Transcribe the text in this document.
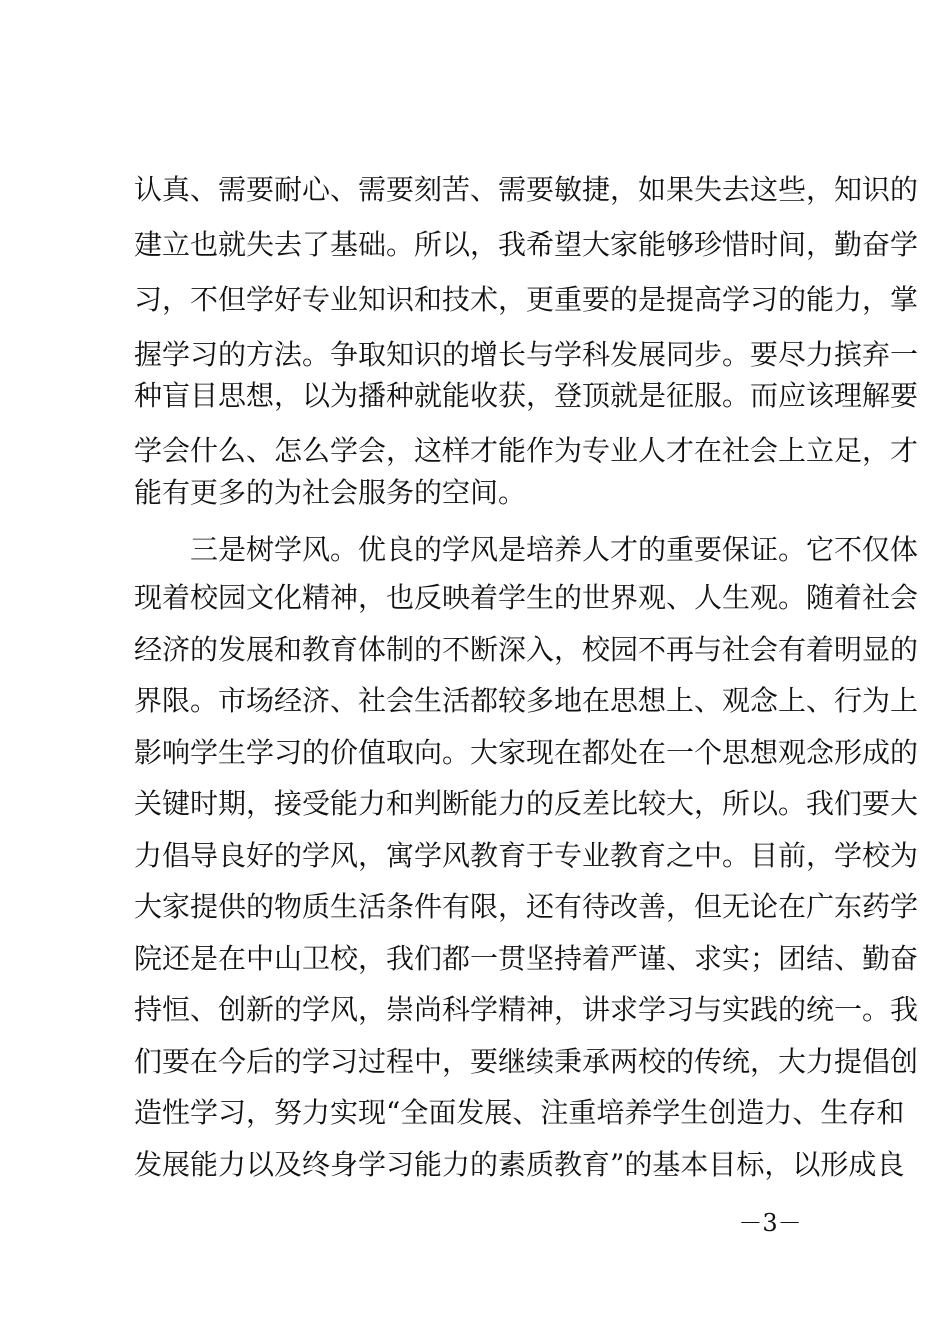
认真、需要耐心、需要刻苦、需要敏捷，如果失去这些，知识的
建立也就失去了基础。所以，我希望大家能够珍惜时间，勤奋学
习，不但学好专业知识和技术，更重要的是提高学习的能力，掌
握学习的方法。争取知识的增长与学科发展同步。要尽力摈弃一
种盲目思想，以为播种就能收获，登顶就是征服。而应该理解要
学会什么、怎么学会，这样才能作为专业人才在社会上立足，才
能有更多的为社会服务的空间。
三是树学风。优良的学风是培养人才的重要保证。它不仅体
现着校园文化精神，也反映着学生的世界观、人生观。随着社会
经济的发展和教育体制的不断深入，校园不再与社会有着明显的
界限。市场经济、社会生活都较多地在思想上、观念上、行为上
影响学生学习的价值取向。大家现在都处在一个思想观念形成的
关键时期，接受能力和判断能力的反差比较大，所以。我们要大
力倡导良好的学风，寓学风教育于专业教育之中。目前，学校为
大家提供的物质生活条件有限，还有待改善，但无论在广东药学
院还是在中山卫校，我们都一贯坚持着严谨、求实；团结、勤奋
持恒、创新的学风，崇尚科学精神，讲求学习与实践的统一。我
们要在今后的学习过程中，要继续秉承两校的传统，大力提倡创
造性学习，努力实现“全面发展、注重培养学生创造力、生存和
发展能力以及终身学习能力的素质教育”的基本目标，以形成良
－3－
